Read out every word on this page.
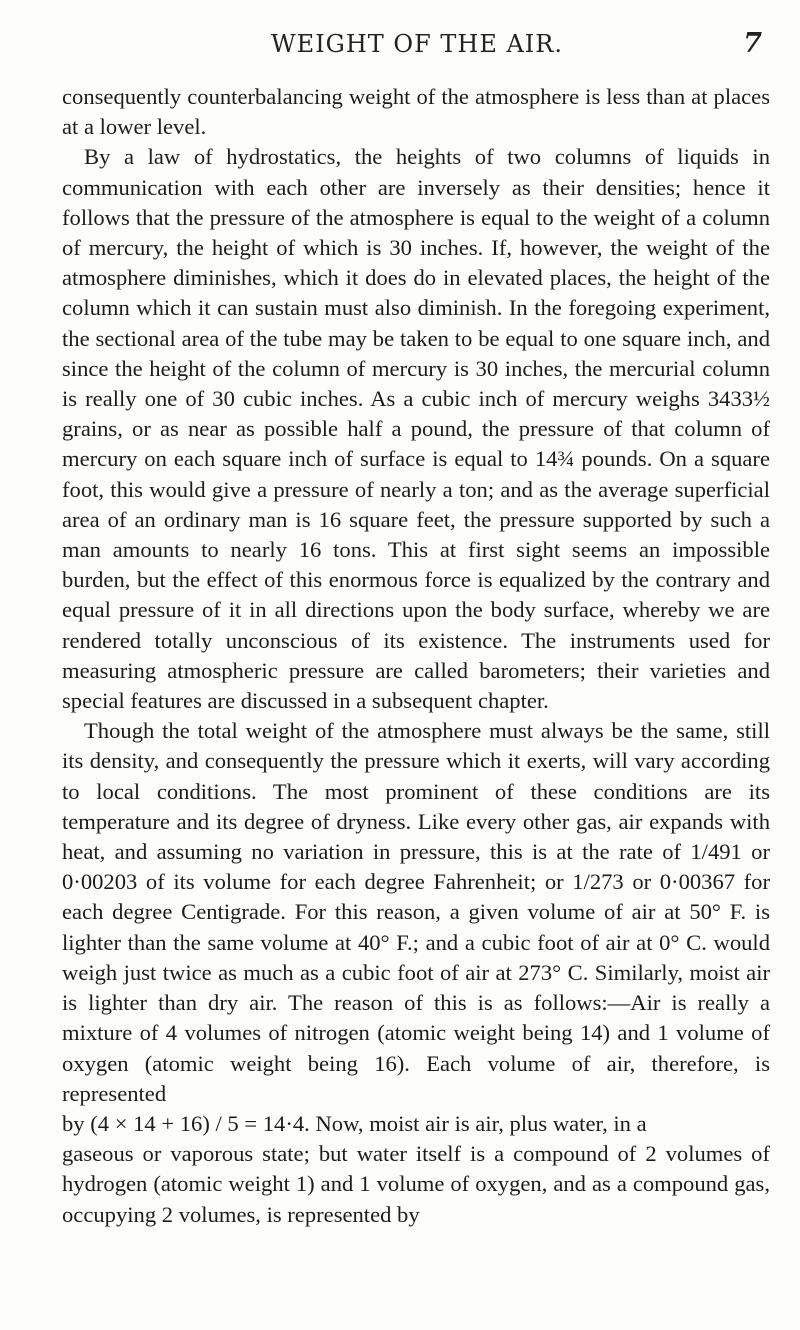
WEIGHT OF THE AIR.	7

consequently counterbalancing weight of the atmosphere is less than at places at a lower level.

By a law of hydrostatics, the heights of two columns of liquids in communication with each other are inversely as their densities; hence it follows that the pressure of the atmosphere is equal to the weight of a column of mercury, the height of which is 30 inches. If, however, the weight of the atmosphere diminishes, which it does do in elevated places, the height of the column which it can sustain must also diminish. In the foregoing experiment, the sectional area of the tube may be taken to be equal to one square inch, and since the height of the column of mercury is 30 inches, the mercurial column is really one of 30 cubic inches. As a cubic inch of mercury weighs 3433½ grains, or as near as possible half a pound, the pressure of that column of mercury on each square inch of surface is equal to 14¾ pounds. On a square foot, this would give a pressure of nearly a ton; and as the average superficial area of an ordinary man is 16 square feet, the pressure supported by such a man amounts to nearly 16 tons. This at first sight seems an impossible burden, but the effect of this enormous force is equalized by the contrary and equal pressure of it in all directions upon the body surface, whereby we are rendered totally unconscious of its existence. The instruments used for measuring atmospheric pressure are called barometers; their varieties and special features are discussed in a subsequent chapter.

Though the total weight of the atmosphere must always be the same, still its density, and consequently the pressure which it exerts, will vary according to local conditions. The most prominent of these conditions are its temperature and its degree of dryness. Like every other gas, air expands with heat, and assuming no variation in pressure, this is at the rate of 1/491 or 0·00203 of its volume for each degree Fahrenheit; or 1/273 or 0·00367 for each degree Centigrade. For this reason, a given volume of air at 50° F. is lighter than the same volume at 40° F.; and a cubic foot of air at 0° C. would weigh just twice as much as a cubic foot of air at 273° C. Similarly, moist air is lighter than dry air. The reason of this is as follows:—Air is really a mixture of 4 volumes of nitrogen (atomic weight being 14) and 1 volume of oxygen (atomic weight being 16). Each volume of air, therefore, is represented

by (4 × 14 + 16) / 5 = 14·4. Now, moist air is air, plus water, in a

gaseous or vaporous state; but water itself is a compound of 2 volumes of hydrogen (atomic weight 1) and 1 volume of oxygen, and as a compound gas, occupying 2 volumes, is represented by
